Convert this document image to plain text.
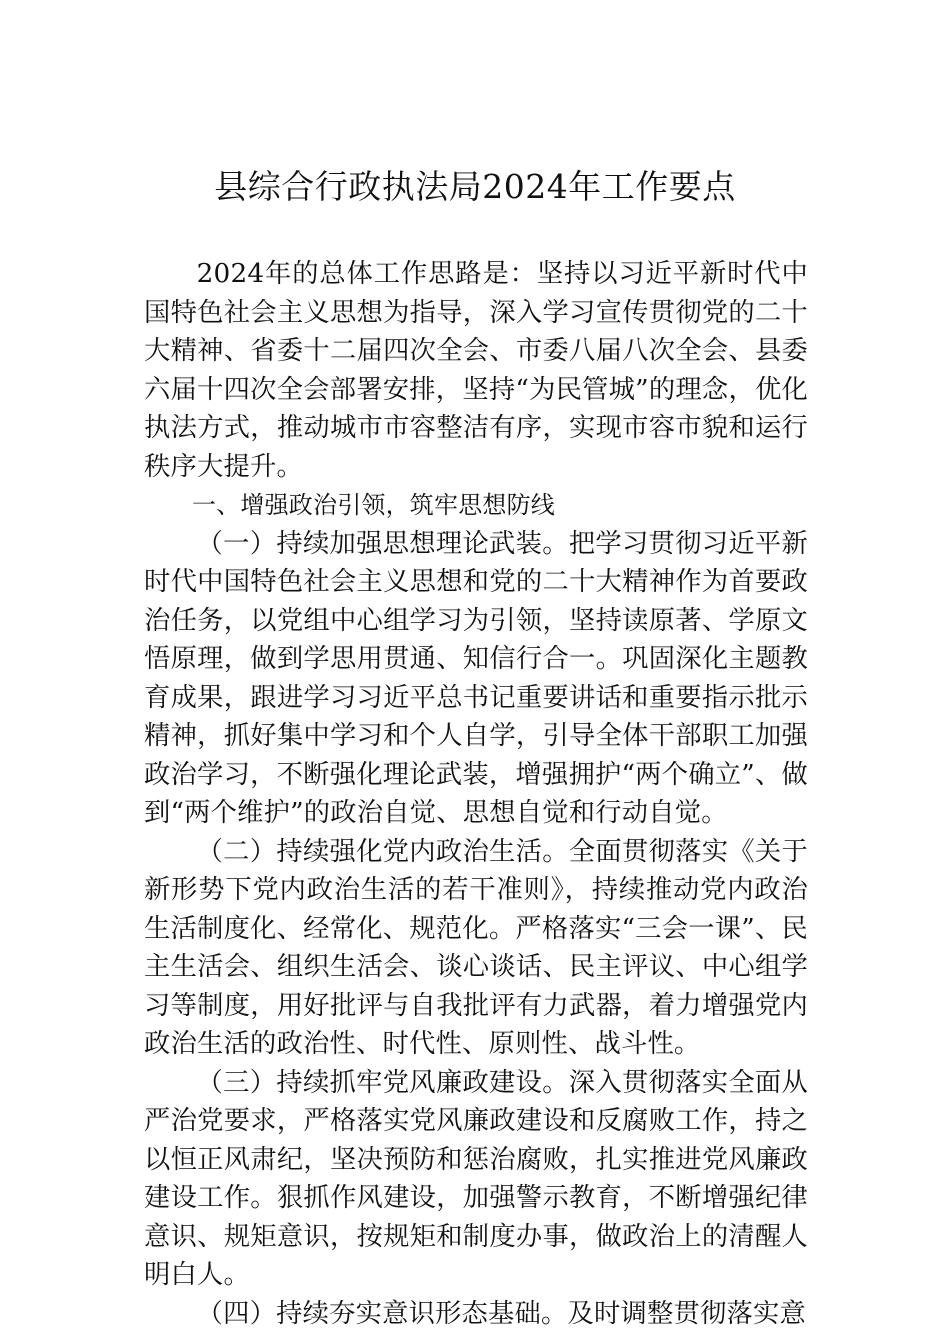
县综合行政执法局2024年工作要点

2024年的总体工作思路是：坚持以习近平新时代中国特色社会主义思想为指导，深入学习宣传贯彻党的二十大精神、省委十二届四次全会、市委八届八次全会、县委六届十四次全会部署安排，坚持“为民管城”的理念，优化执法方式，推动城市市容整洁有序，实现市容市貌和运行秩序大提升。

一、增强政治引领，筑牢思想防线

（一）持续加强思想理论武装。把学习贯彻习近平新时代中国特色社会主义思想和党的二十大精神作为首要政治任务，以党组中心组学习为引领，坚持读原著、学原文悟原理，做到学思用贯通、知信行合一。巩固深化主题教育成果，跟进学习习近平总书记重要讲话和重要指示批示精神，抓好集中学习和个人自学，引导全体干部职工加强政治学习，不断强化理论武装，增强拥护“两个确立”、做到“两个维护”的政治自觉、思想自觉和行动自觉。

（二）持续强化党内政治生活。全面贯彻落实《关于新形势下党内政治生活的若干准则》，持续推动党内政治生活制度化、经常化、规范化。严格落实“三会一课”、民主生活会、组织生活会、谈心谈话、民主评议、中心组学习等制度，用好批评与自我批评有力武器，着力增强党内政治生活的政治性、时代性、原则性、战斗性。

（三）持续抓牢党风廉政建设。深入贯彻落实全面从严治党要求，严格落实党风廉政建设和反腐败工作，持之以恒正风肃纪，坚决预防和惩治腐败，扎实推进党风廉政建设工作。狠抓作风建设，加强警示教育，不断增强纪律意识、规矩意识，按规矩和制度办事，做政治上的清醒人明白人。

（四）持续夯实意识形态基础。及时调整贯彻落实意
